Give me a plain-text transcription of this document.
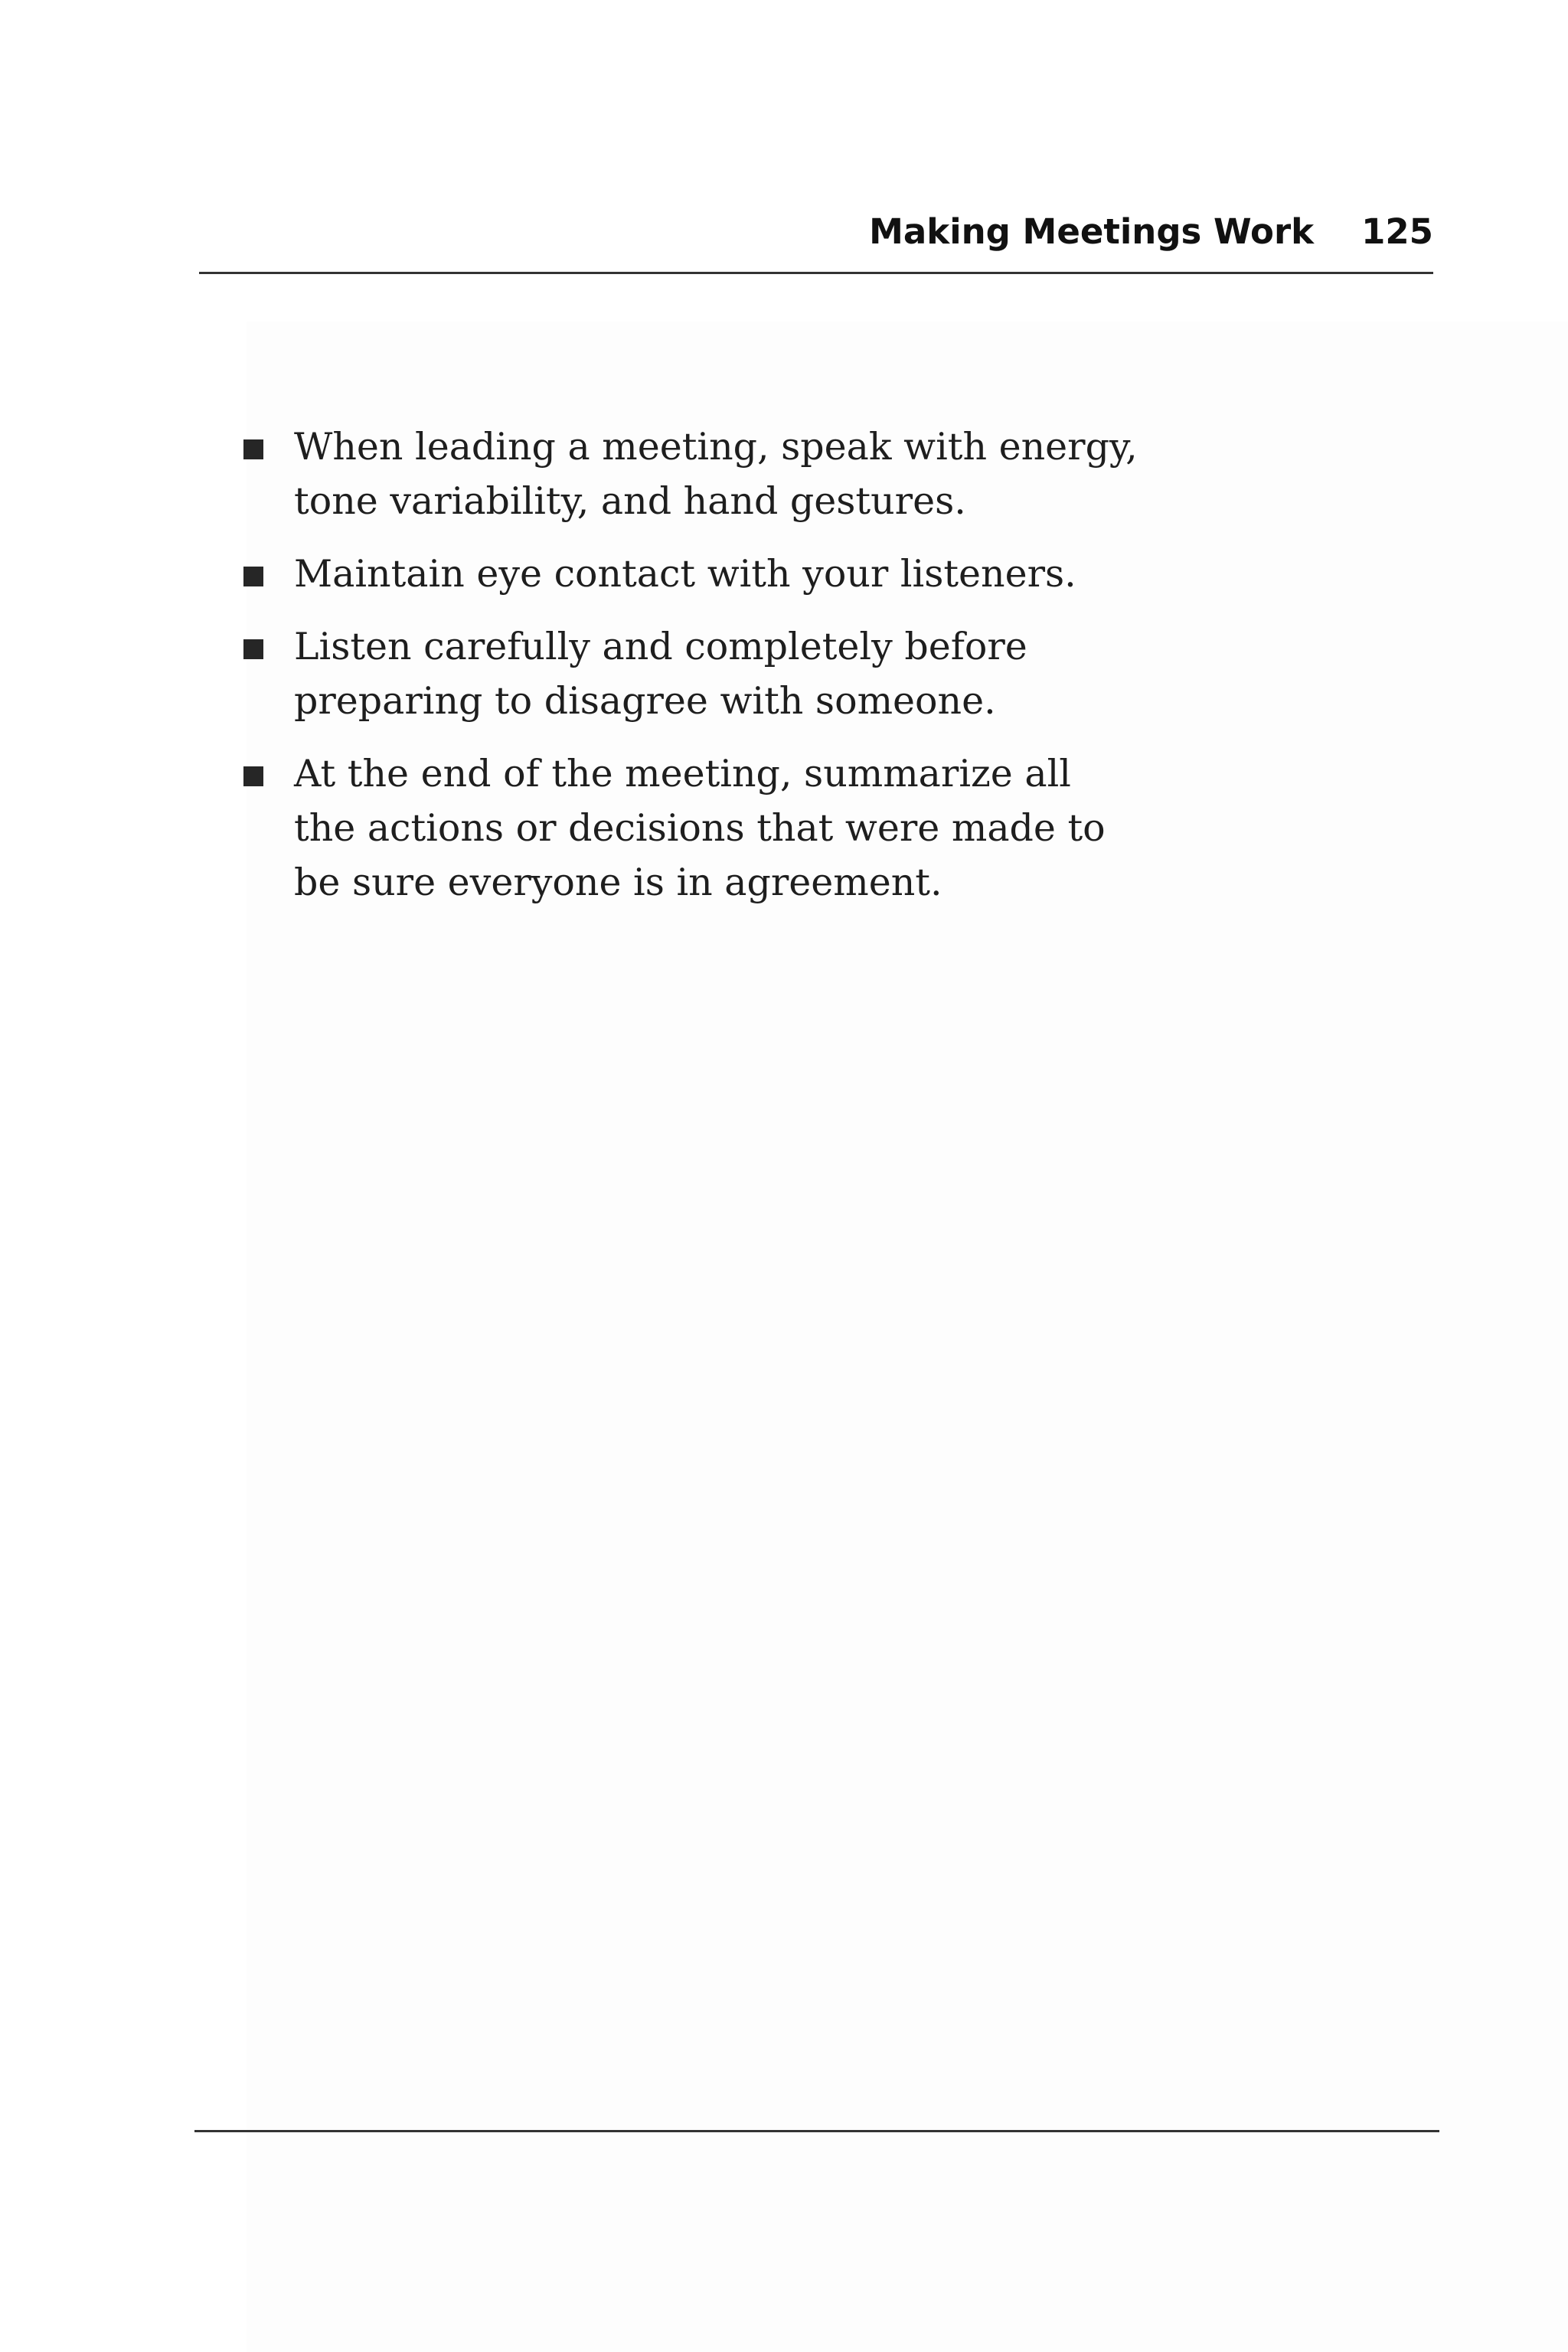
Making Meetings Work 125
When leading a meeting, speak with energy,
tone variability, and hand gestures.
Maintain eye contact with your listeners.
Listen carefully and completely before
preparing to disagree with someone.
At the end of the meeting, summarize all
the actions or decisions that were made to
be sure everyone is in agreement.
